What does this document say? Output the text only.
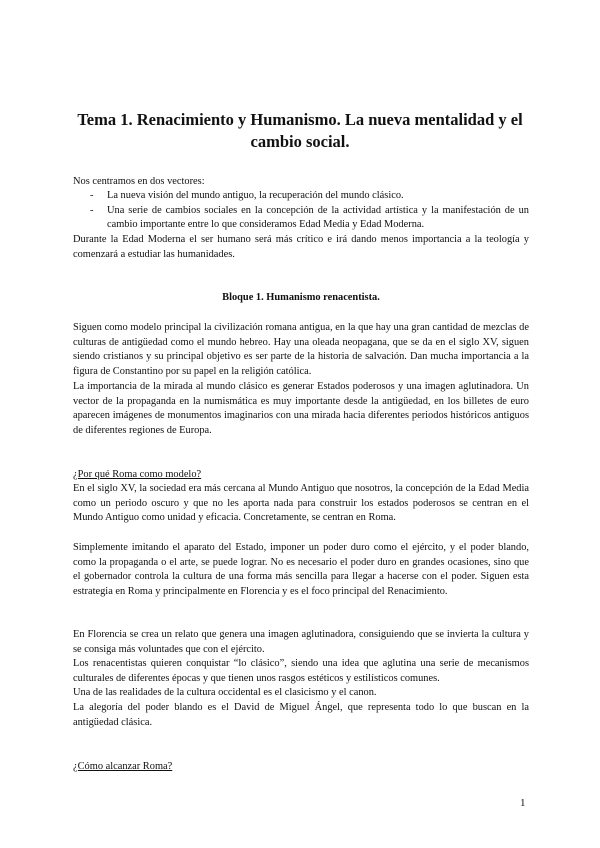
Tema 1. Renacimiento y Humanismo. La nueva mentalidad y el cambio social.

Nos centramos en dos vectores:

- La nueva visión del mundo antiguo, la recuperación del mundo clásico.
- Una serie de cambios sociales en la concepción de la actividad artística y la manifestación de un cambio importante entre lo que consideramos Edad Media y Edad Moderna.

Durante la Edad Moderna el ser humano será más crítico e irá dando menos importancia a la teología y comenzará a estudiar las humanidades.

Bloque 1. Humanismo renacentista.

Siguen como modelo principal la civilización romana antigua, en la que hay una gran cantidad de mezclas de culturas de antigüedad como el mundo hebreo. Hay una oleada neopagana, que se da en el siglo XV, siguen siendo cristianos y su principal objetivo es ser parte de la historia de salvación. Dan mucha importancia a la figura de Constantino por su papel en la religión católica.

La importancia de la mirada al mundo clásico es generar Estados poderosos y una imagen aglutinadora. Un vector de la propaganda en la numismática es muy importante desde la antigüedad, en los billetes de euro aparecen imágenes de monumentos imaginarios con una mirada hacia diferentes periodos históricos antiguos de diferentes regiones de Europa.

¿Por qué Roma como modelo?

En el siglo XV, la sociedad era más cercana al Mundo Antiguo que nosotros, la concepción de la Edad Media como un periodo oscuro y que no les aporta nada para construir los estados poderosos se centran en el Mundo Antiguo como unidad y eficacia. Concretamente, se centran en Roma.

Simplemente imitando el aparato del Estado, imponer un poder duro como el ejército, y el poder blando, como la propaganda o el arte, se puede lograr. No es necesario el poder duro en grandes ocasiones, sino que el gobernador controla la cultura de una forma más sencilla para llegar a hacerse con el poder. Siguen esta estrategia en Roma y principalmente en Florencia y es el foco principal del Renacimiento.

En Florencia se crea un relato que genera una imagen aglutinadora, consiguiendo que se invierta la cultura y se consiga más voluntades que con el ejército.

Los renacentistas quieren conquistar “lo clásico”, siendo una idea que aglutina una serie de mecanismos culturales de diferentes épocas y que tienen unos rasgos estéticos y estilísticos comunes.

Una de las realidades de la cultura occidental es el clasicismo y el canon.

La alegoría del poder blando es el David de Miguel Ángel, que representa todo lo que buscan en la antigüedad clásica.

¿Cómo alcanzar Roma?

1
